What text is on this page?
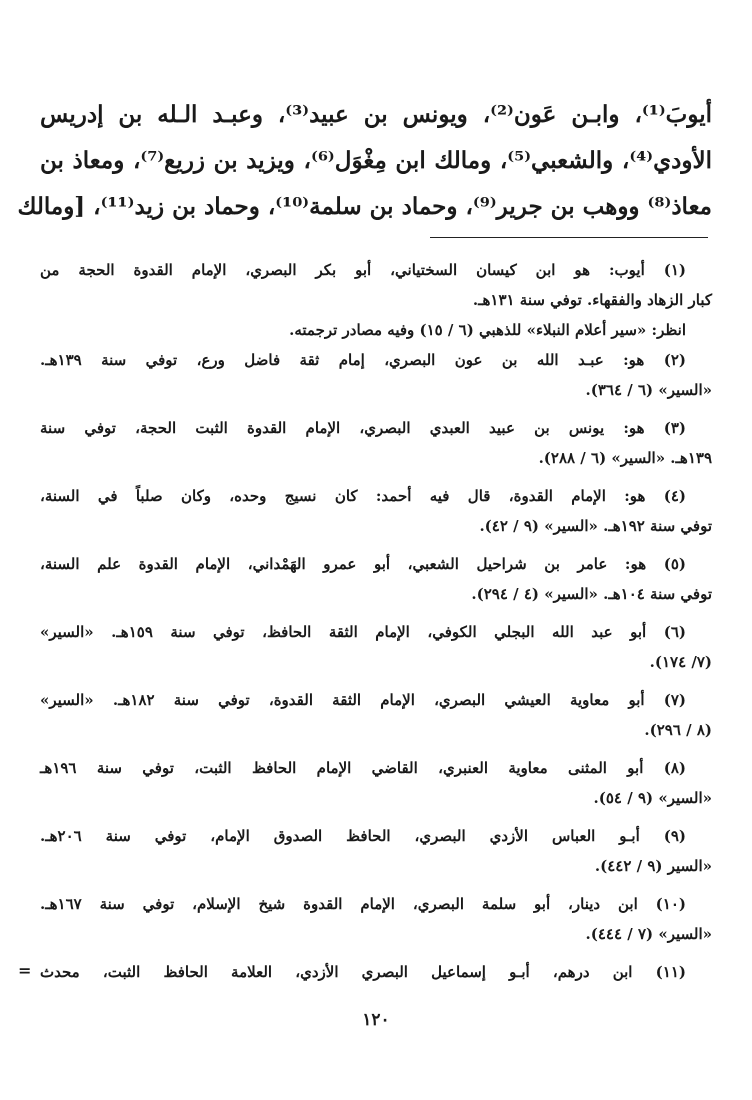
أيوبَ⁽¹⁾، وابـن عَون⁽²⁾، ويونس بن عبيد⁽³⁾، وعبـد الـله بن إدريس
الأودي⁽⁴⁾، والشعبي⁽⁵⁾، ومالك ابن مِغْوَل⁽⁶⁾، ويزيد بن زريع⁽⁷⁾، ومعاذ بن
معاذ⁽⁸⁾ ووهب بن جرير⁽⁹⁾، وحماد بن سلمة⁽¹⁰⁾، وحماد بن زيد⁽¹¹⁾، [ومالك
(١) أيوب: هو ابن كيسان السختياني، أبو بكر البصري، الإمام القدوة الحجة من
كبار الزهاد والفقهاء. توفي سنة ١٣١هـ.
انظر: «سير أعلام النبلاء» للذهبي (٦ / ١٥) وفيه مصادر ترجمته.
(٢) هو: عبـد الله بن عون البصري، إمام ثقة فاضل ورع، توفي سنة ١٣٩هـ.
«السير» (٦ / ٣٦٤).
(٣) هو: يونس بن عبيد العبدي البصري، الإمام القدوة الثبت الحجة، توفي سنة
١٣٩هـ. «السير» (٦ / ٢٨٨).
(٤) هو: الإمام القدوة، قال فيه أحمد: كان نسيج وحده، وكان صلباً في السنة،
توفي سنة ١٩٢هـ. «السير» (٩ / ٤٢).
(٥) هو: عامر بن شراحيل الشعبي، أبو عمرو الهَمْداني، الإمام القدوة علم السنة،
توفي سنة ١٠٤هـ. «السير» (٤ / ٢٩٤).
(٦) أبو عبد الله البجلي الكوفي، الإمام الثقة الحافظ، توفي سنة ١٥٩هـ. «السير»
(٧/ ١٧٤).
(٧) أبو معاوية العيشي البصري، الإمام الثقة القدوة، توفي سنة ١٨٢هـ. «السير»
(٨ / ٢٩٦).
(٨) أبو المثنى معاوية العنبري، القاضي الإمام الحافظ الثبت، توفي سنة ١٩٦هـ
«السير» (٩ / ٥٤).
(٩) أبـو العباس الأزدي البصري، الحافظ الصدوق الإمام، توفي سنة ٢٠٦هـ.
«السير (٩ / ٤٤٢).
(١٠) ابن دينار، أبو سلمة البصري، الإمام القدوة شيخ الإسلام، توفي سنة ١٦٧هـ.
«السير» (٧ / ٤٤٤).
(١١) ابن درهم، أبـو إسماعيل البصري الأزدي، العلامة الحافظ الثبت، محدث
=
١٢٠
